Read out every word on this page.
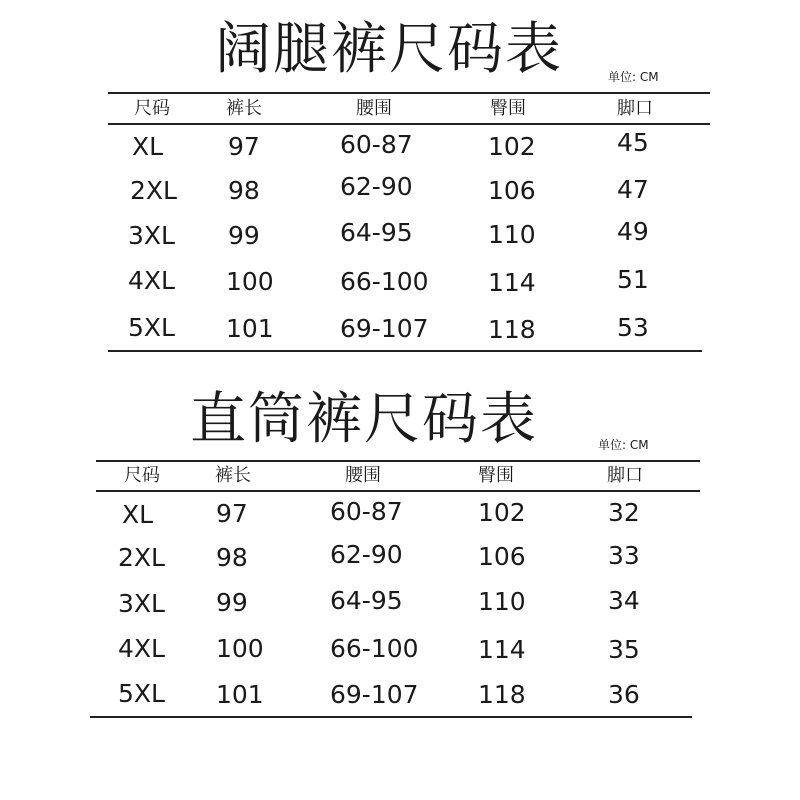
阔腿裤尺码表	单位: CM
尺码	裤长	腰围	臀围	脚口
XL	97	60-87	102	45
2XL 98	62-90	106	47
3XL 99	64-95	110	49
4XL 100	66-100 114	51
5XL 101	69-107 118	53
直筒裤尺码表	单位: CM
尺码	裤长	腰围	臀围	脚口
XL	97	60-87	102	32
2XL 98	62-90	106	33
3XL 99	64-95	110	34
4XL 100	66-100 114	35
5XL 101	69-107 118	36
